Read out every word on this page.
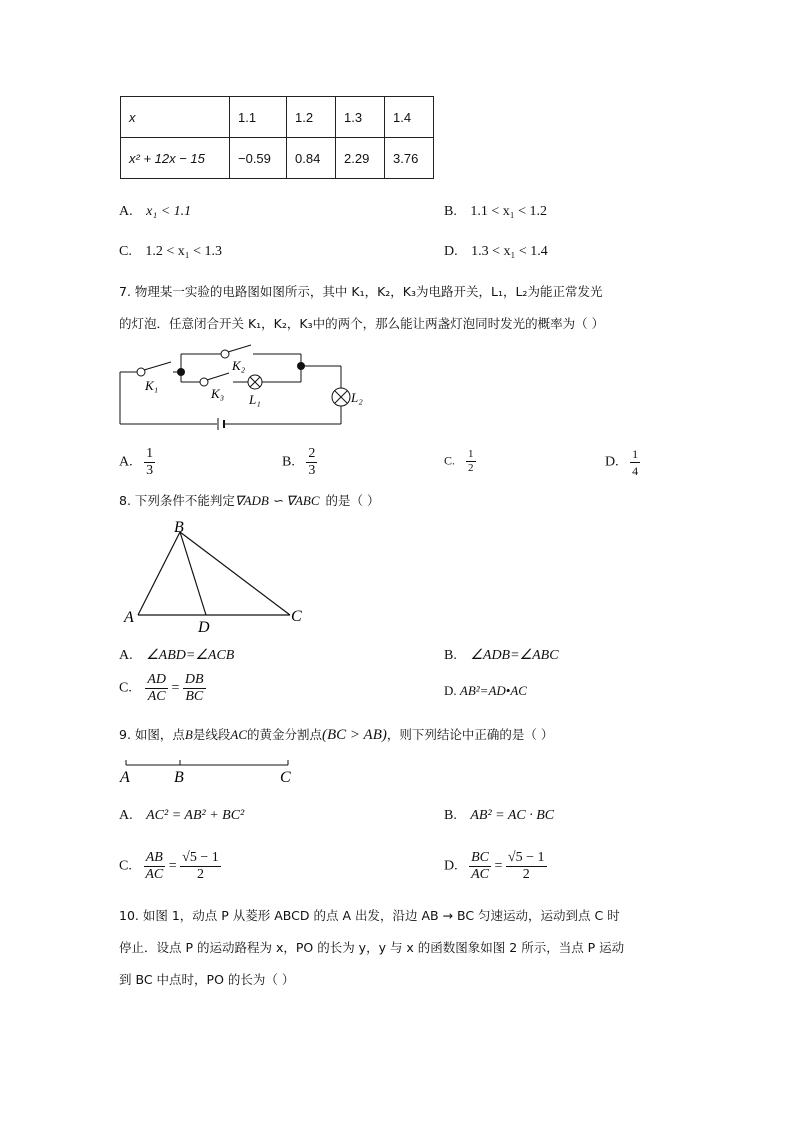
x	1.1	1.2	1.3	1.4
x² + 12x − 15	−0.59	0.84	2.29	3.76
A. x₁ < 1.1	B. 1.1 < x₁ < 1.2
C. 1.2 < x₁ < 1.3	D. 1.3 < x₁ < 1.4
7. 物理某一实验的电路图如图所示，其中 K₁，K₂，K₃为电路开关，L₁，L₂为能正常发光
的灯泡．任意闭合开关 K₁，K₂，K₃中的两个，那么能让两盏灯泡同时发光的概率为（ ）
K₁
K₂
K₃ L₁	L₂
A. $\frac{1}{3}$	B. $\frac{2}{3}$	C. $\frac{1}{2}$	D. $\frac{1}{4}$
8. 下列条件不能判定∇ADB ∽ ∇ABC 的是（ ）
B
A
D
C
A. ∠ABD=∠ACB	B. ∠ADB=∠ABC
C. $\frac{AD}{AC} = \frac{DB}{BC}$	D. AB²=AD•AC
9. 如图，点B是线段AC的黄金分割点(BC > AB)，则下列结论中正确的是（ ）
A	B	C
A. AC² = AB² + BC²	B. AB² = AC · BC
C. $\frac{AB}{AC} = \frac{√5 - 1}{2}$	D. $\frac{BC}{AC} = \frac{√5 - 1}{2}$
10. 如图 1，动点 P 从菱形 ABCD 的点 A 出发，沿边 AB → BC 匀速运动，运动到点 C 时
停止．设点 P 的运动路程为 x，PO 的长为 y，y 与 x 的函数图象如图 2 所示，当点 P 运动
到 BC 中点时，PO 的长为（ ）
